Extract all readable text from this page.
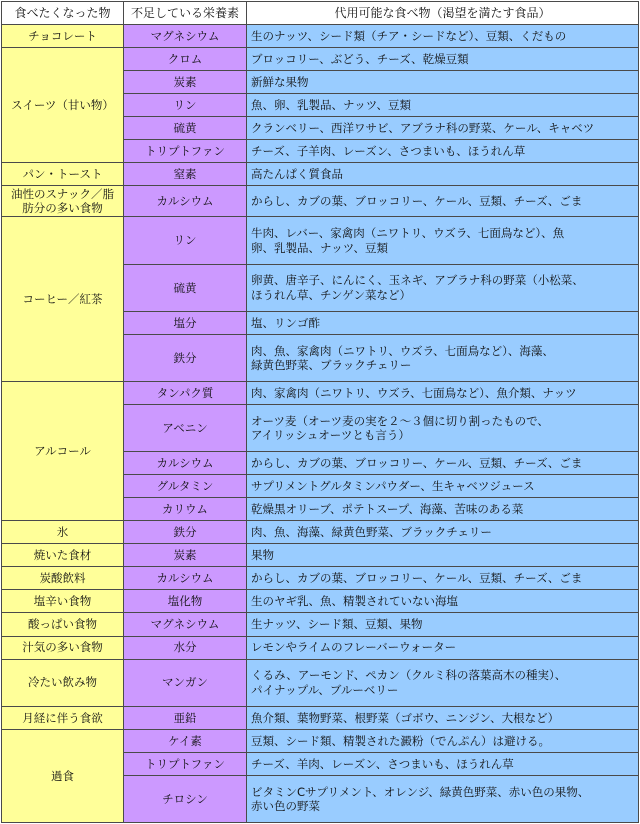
食べたくなった物	不足している栄養素	代用可能な食べ物（渇望を満たす食品）
チョコレート	マグネシウム	生のナッツ、シード類（チア・シードなど）、豆類、くだもの

スイーツ（甘い物）	クロム	ブロッコリー、ぶどう、チーズ、乾燥豆類

	炭素	新鮮な果物

	リン	魚、卵、乳製品、ナッツ、豆類

	硫黄	クランベリー、西洋ワサビ、アブラナ科の野菜、ケール、キャベツ

	トリプトファン	チーズ、子羊肉、レーズン、さつまいも、ほうれん草

パン・トースト	窒素	高たんぱく質食品

油性のスナック／脂肪分の多い食物	カルシウム	からし、カブの葉、ブロッコリー、ケール、豆類、チーズ、ごま

コーヒー／紅茶	リン	牛肉、レバー、家禽肉（ニワトリ、ウズラ、七面鳥など）、魚
卵、乳製品、ナッツ、豆類

	硫黄	卵黄、唐辛子、にんにく、玉ネギ、アブラナ科の野菜（小松菜、
ほうれん草、チンゲン菜など）

	塩分	塩、リンゴ酢

	鉄分	肉、魚、家禽肉（ニワトリ、ウズラ、七面鳥など）、海藻、
緑黄色野菜、ブラックチェリー

アルコール	タンパク質	肉、家禽肉（ニワトリ、ウズラ、七面鳥など）、魚介類、ナッツ

	アベニン	オーツ麦（オーツ麦の実を２～３個に切り割ったもので、
アイリッシュオーツとも言う）

	カルシウム	からし、カブの葉、ブロッコリー、ケール、豆類、チーズ、ごま

	グルタミン	サプリメントグルタミンパウダー、生キャベツジュース

	カリウム	乾燥黒オリーブ、ポテトスープ、海藻、苦味のある菜

氷	鉄分	肉、魚、海藻、緑黄色野菜、ブラックチェリー

焼いた食材	炭素	果物

炭酸飲料	カルシウム	からし、カブの葉、ブロッコリー、ケール、豆類、チーズ、ごま

塩辛い食物	塩化物	生のヤギ乳、魚、精製されていない海塩

酸っぱい食物	マグネシウム	生ナッツ、シード類、豆類、果物

汁気の多い食物	水分	レモンやライムのフレーバーウォーター

冷たい飲み物	マンガン	くるみ、アーモンド、ペカン（クルミ科の落葉高木の種実）、
パイナップル、ブルーベリー

月経に伴う食欲	亜鉛	魚介類、葉物野菜、根野菜（ゴボウ、ニンジン、大根など）

過食	ケイ素	豆類、シード類、精製された澱粉（でんぷん）は避ける。

	トリプトファン	チーズ、羊肉、レーズン、さつまいも、ほうれん草

	チロシン	ビタミンCサプリメント、オレンジ、緑黄色野菜、赤い色の果物、
赤い色の野菜
